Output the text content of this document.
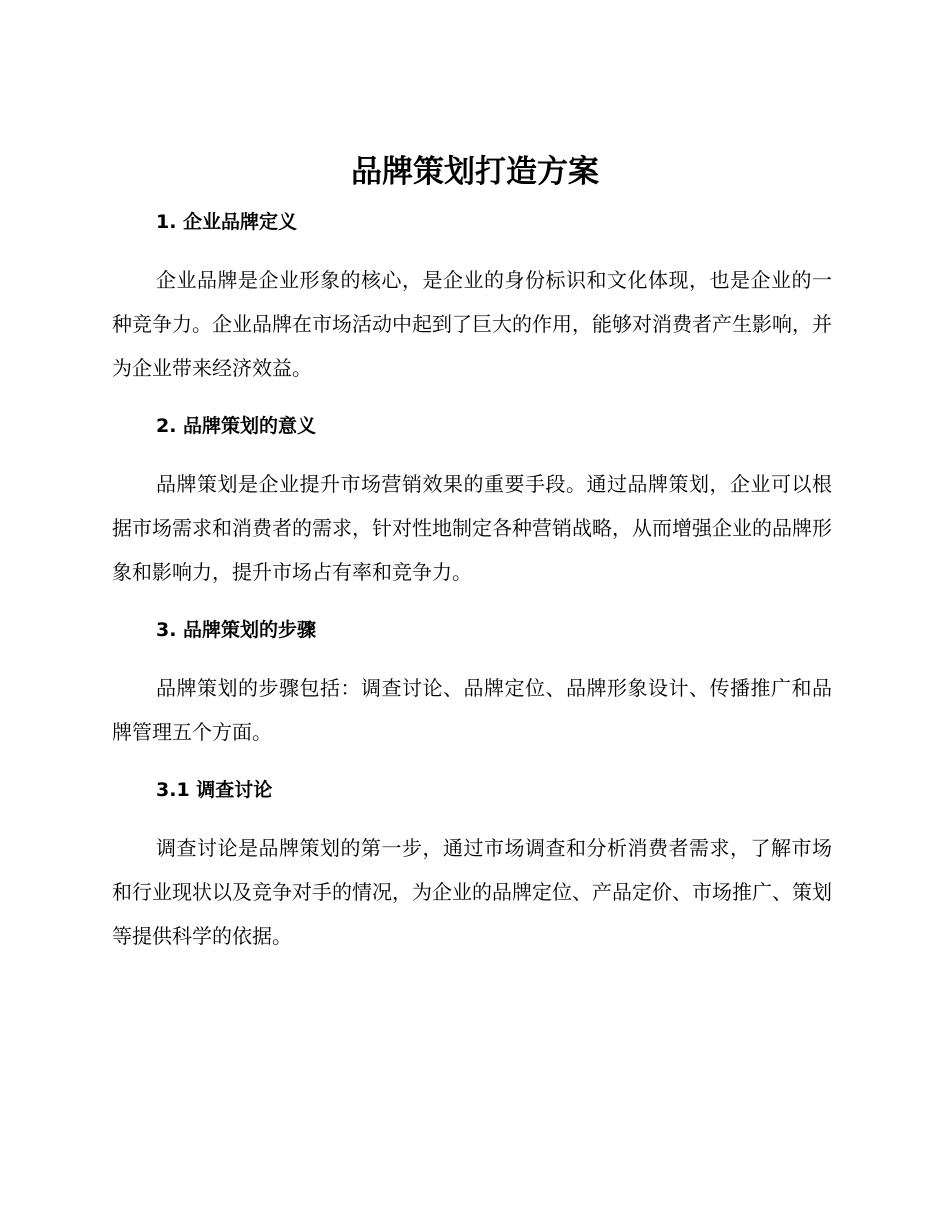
品牌策划打造方案
1. 企业品牌定义

企业品牌是企业形象的核心，是企业的身份标识和文化体现，也是企业的一种竞争力。企业品牌在市场活动中起到了巨大的作用，能够对消费者产生影响，并为企业带来经济效益。

2. 品牌策划的意义

品牌策划是企业提升市场营销效果的重要手段。通过品牌策划，企业可以根据市场需求和消费者的需求，针对性地制定各种营销战略，从而增强企业的品牌形象和影响力，提升市场占有率和竞争力。

3. 品牌策划的步骤

品牌策划的步骤包括：调查讨论、品牌定位、品牌形象设计、传播推广和品牌管理五个方面。

3.1 调查讨论

调查讨论是品牌策划的第一步，通过市场调查和分析消费者需求，了解市场和行业现状以及竞争对手的情况，为企业的品牌定位、产品定价、市场推广、策划等提供科学的依据。
